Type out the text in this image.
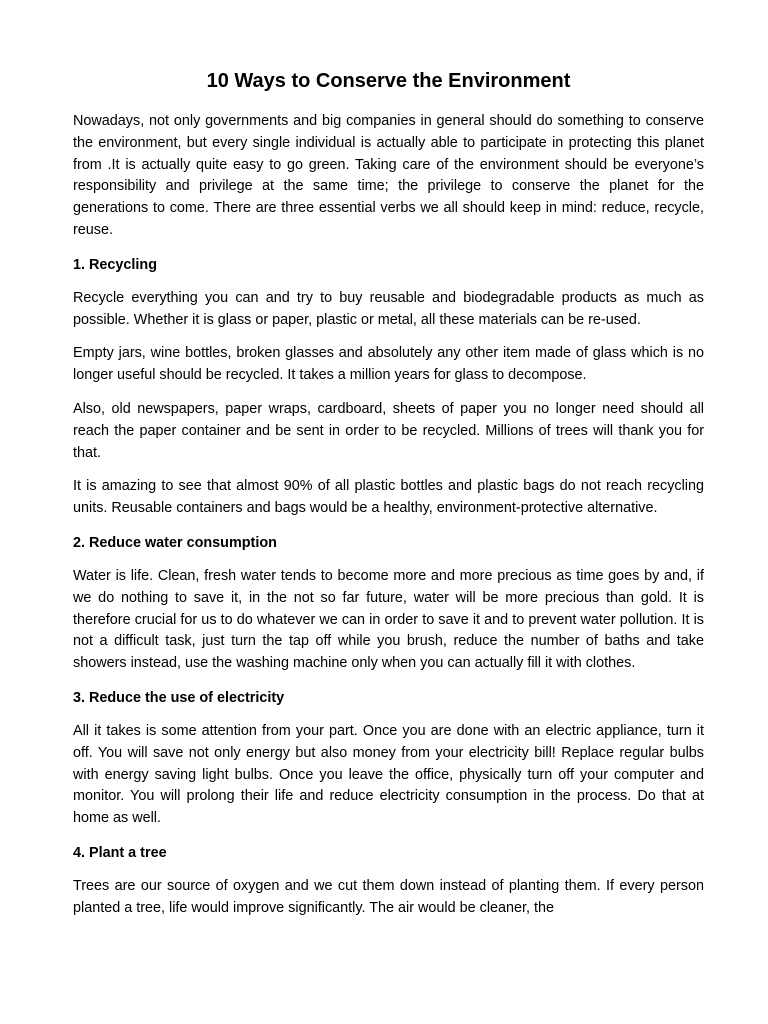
10 Ways to Conserve the Environment

Nowadays, not only governments and big companies in general should do something to conserve the environment, but every single individual is actually able to participate in protecting this planet from .It is actually quite easy to go green. Taking care of the environment should be everyone’s responsibility and privilege at the same time; the privilege to conserve the planet for the generations to come. There are three essential verbs we all should keep in mind: reduce, recycle, reuse.

1. Recycling

Recycle everything you can and try to buy reusable and biodegradable products as much as possible. Whether it is glass or paper, plastic or metal, all these materials can be re-used.

Empty jars, wine bottles, broken glasses and absolutely any other item made of glass which is no longer useful should be recycled. It takes a million years for glass to decompose.

Also, old newspapers, paper wraps, cardboard, sheets of paper you no longer need should all reach the paper container and be sent in order to be recycled. Millions of trees will thank you for that.

It is amazing to see that almost 90% of all plastic bottles and plastic bags do not reach recycling units. Reusable containers and bags would be a healthy, environment-protective alternative.

2. Reduce water consumption

Water is life. Clean, fresh water tends to become more and more precious as time goes by and, if we do nothing to save it, in the not so far future, water will be more precious than gold. It is therefore crucial for us to do whatever we can in order to save it and to prevent water pollution. It is not a difficult task, just turn the tap off while you brush, reduce the number of baths and take showers instead, use the washing machine only when you can actually fill it with clothes.

3. Reduce the use of electricity

All it takes is some attention from your part. Once you are done with an electric appliance, turn it off. You will save not only energy but also money from your electricity bill! Replace regular bulbs with energy saving light bulbs. Once you leave the office, physically turn off your computer and monitor. You will prolong their life and reduce electricity consumption in the process. Do that at home as well.

4. Plant a tree

Trees are our source of oxygen and we cut them down instead of planting them. If every person planted a tree, life would improve significantly. The air would be cleaner, the
